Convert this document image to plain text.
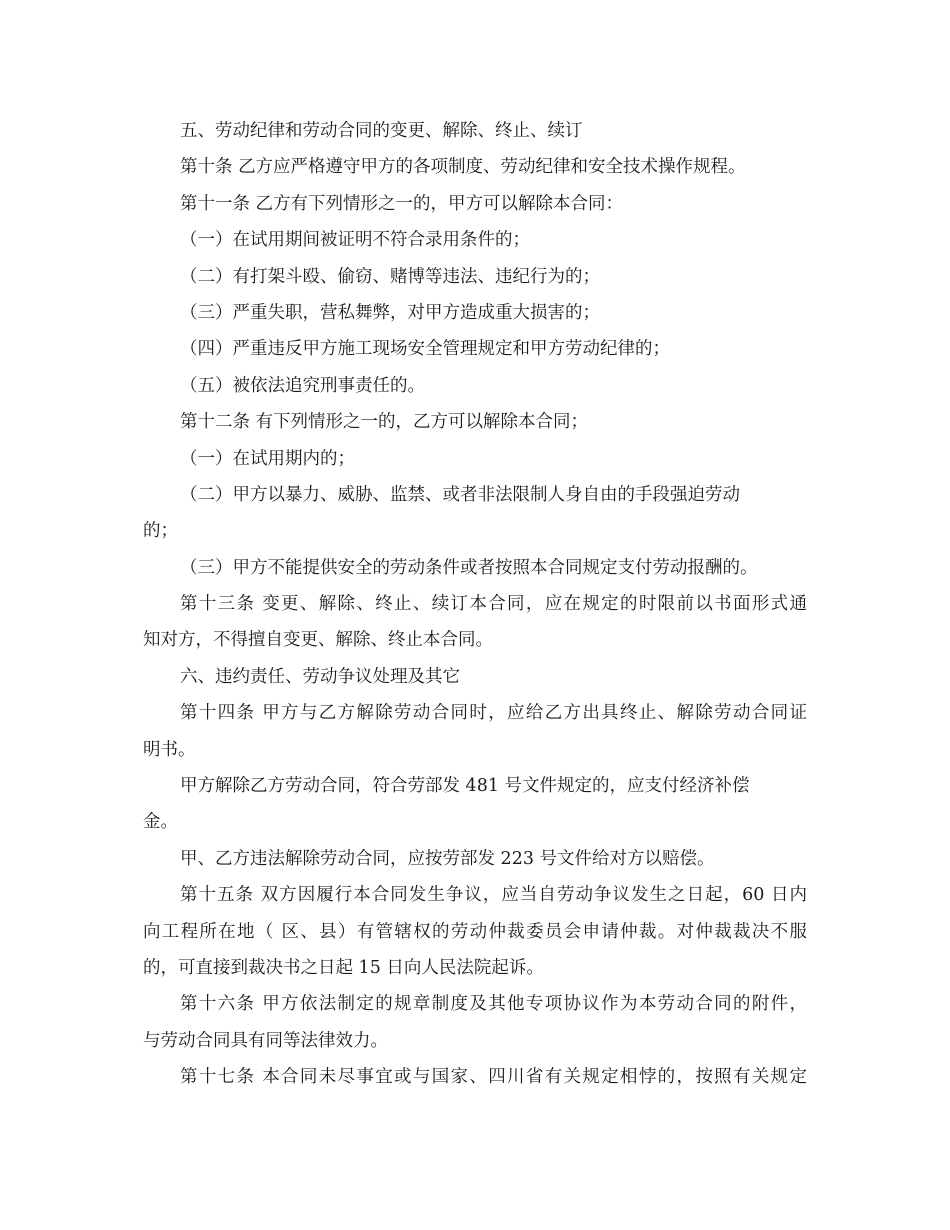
五、劳动纪律和劳动合同的变更、解除、终止、续订
第十条 乙方应严格遵守甲方的各项制度、劳动纪律和安全技术操作规程。
第十一条 乙方有下列情形之一的，甲方可以解除本合同：
（一）在试用期间被证明不符合录用条件的；
（二）有打架斗殴、偷窃、赌博等违法、违纪行为的；
（三）严重失职，营私舞弊，对甲方造成重大损害的；
（四）严重违反甲方施工现场安全管理规定和甲方劳动纪律的；
（五）被依法追究刑事责任的。
第十二条 有下列情形之一的，乙方可以解除本合同；
（一）在试用期内的；
（二）甲方以暴力、威胁、监禁、或者非法限制人身自由的手段强迫劳动
的；
（三）甲方不能提供安全的劳动条件或者按照本合同规定支付劳动报酬的。
第十三条 变更、解除、终止、续订本合同，应在规定的时限前以书面形式通
知对方，不得擅自变更、解除、终止本合同。
六、违约责任、劳动争议处理及其它
第十四条 甲方与乙方解除劳动合同时，应给乙方出具终止、解除劳动合同证
明书。
甲方解除乙方劳动合同，符合劳部发 481 号文件规定的，应支付经济补偿
金。
甲、乙方违法解除劳动合同，应按劳部发 223 号文件给对方以赔偿。
第十五条 双方因履行本合同发生争议，应当自劳动争议发生之日起，60 日内
向工程所在地（ 区、县）有管辖权的劳动仲裁委员会申请仲裁。对仲裁裁决不服
的，可直接到裁决书之日起 15 日向人民法院起诉。
第十六条 甲方依法制定的规章制度及其他专项协议作为本劳动合同的附件，
与劳动合同具有同等法律效力。
第十七条 本合同未尽事宜或与国家、四川省有关规定相悖的，按照有关规定
